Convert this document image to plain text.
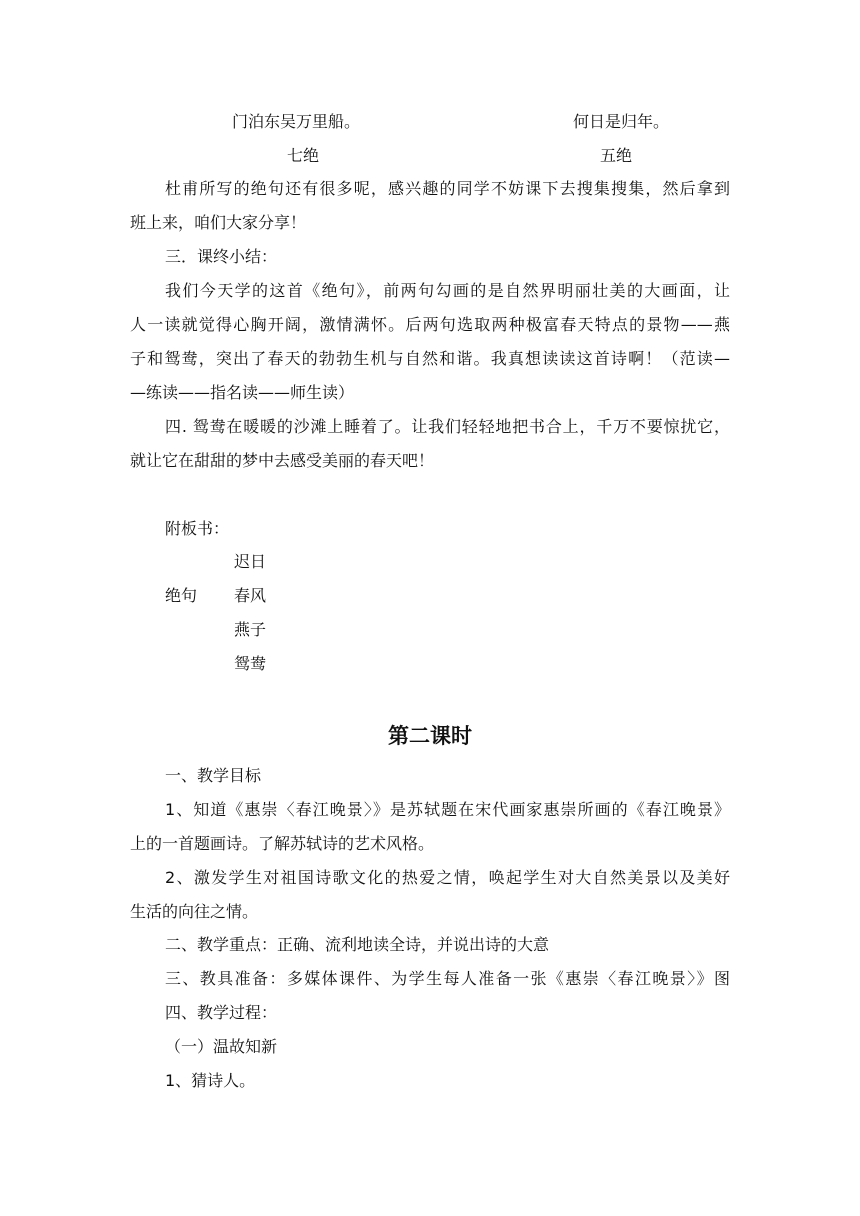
门泊东吴万里船。	何日是归年。
七绝	五绝
杜甫所写的绝句还有很多呢，感兴趣的同学不妨课下去搜集搜集，然后拿到
班上来，咱们大家分享！
三．课终小结：
我们今天学的这首《绝句》，前两句勾画的是自然界明丽壮美的大画面，让
人一读就觉得心胸开阔，激情满怀。后两句选取两种极富春天特点的景物——燕
子和鸳鸯，突出了春天的勃勃生机与自然和谐。我真想读读这首诗啊！（范读—
—练读——指名读——师生读）
四. 鸳鸯在暖暖的沙滩上睡着了。让我们轻轻地把书合上，千万不要惊扰它，
就让它在甜甜的梦中去感受美丽的春天吧！
附板书：
迟日
绝句 春风
燕子
鸳鸯
第二课时
一、教学目标
1、知道《惠崇〈春江晚景〉》是苏轼题在宋代画家惠崇所画的《春江晚景》
上的一首题画诗。了解苏轼诗的艺术风格。
2、激发学生对祖国诗歌文化的热爱之情，唤起学生对大自然美景以及美好
生活的向往之情。
二、教学重点：正确、流利地读全诗，并说出诗的大意
三、教具准备：多媒体课件、为学生每人准备一张《惠崇〈春江晚景〉》图
四、教学过程：
（一）温故知新
1、猜诗人。
